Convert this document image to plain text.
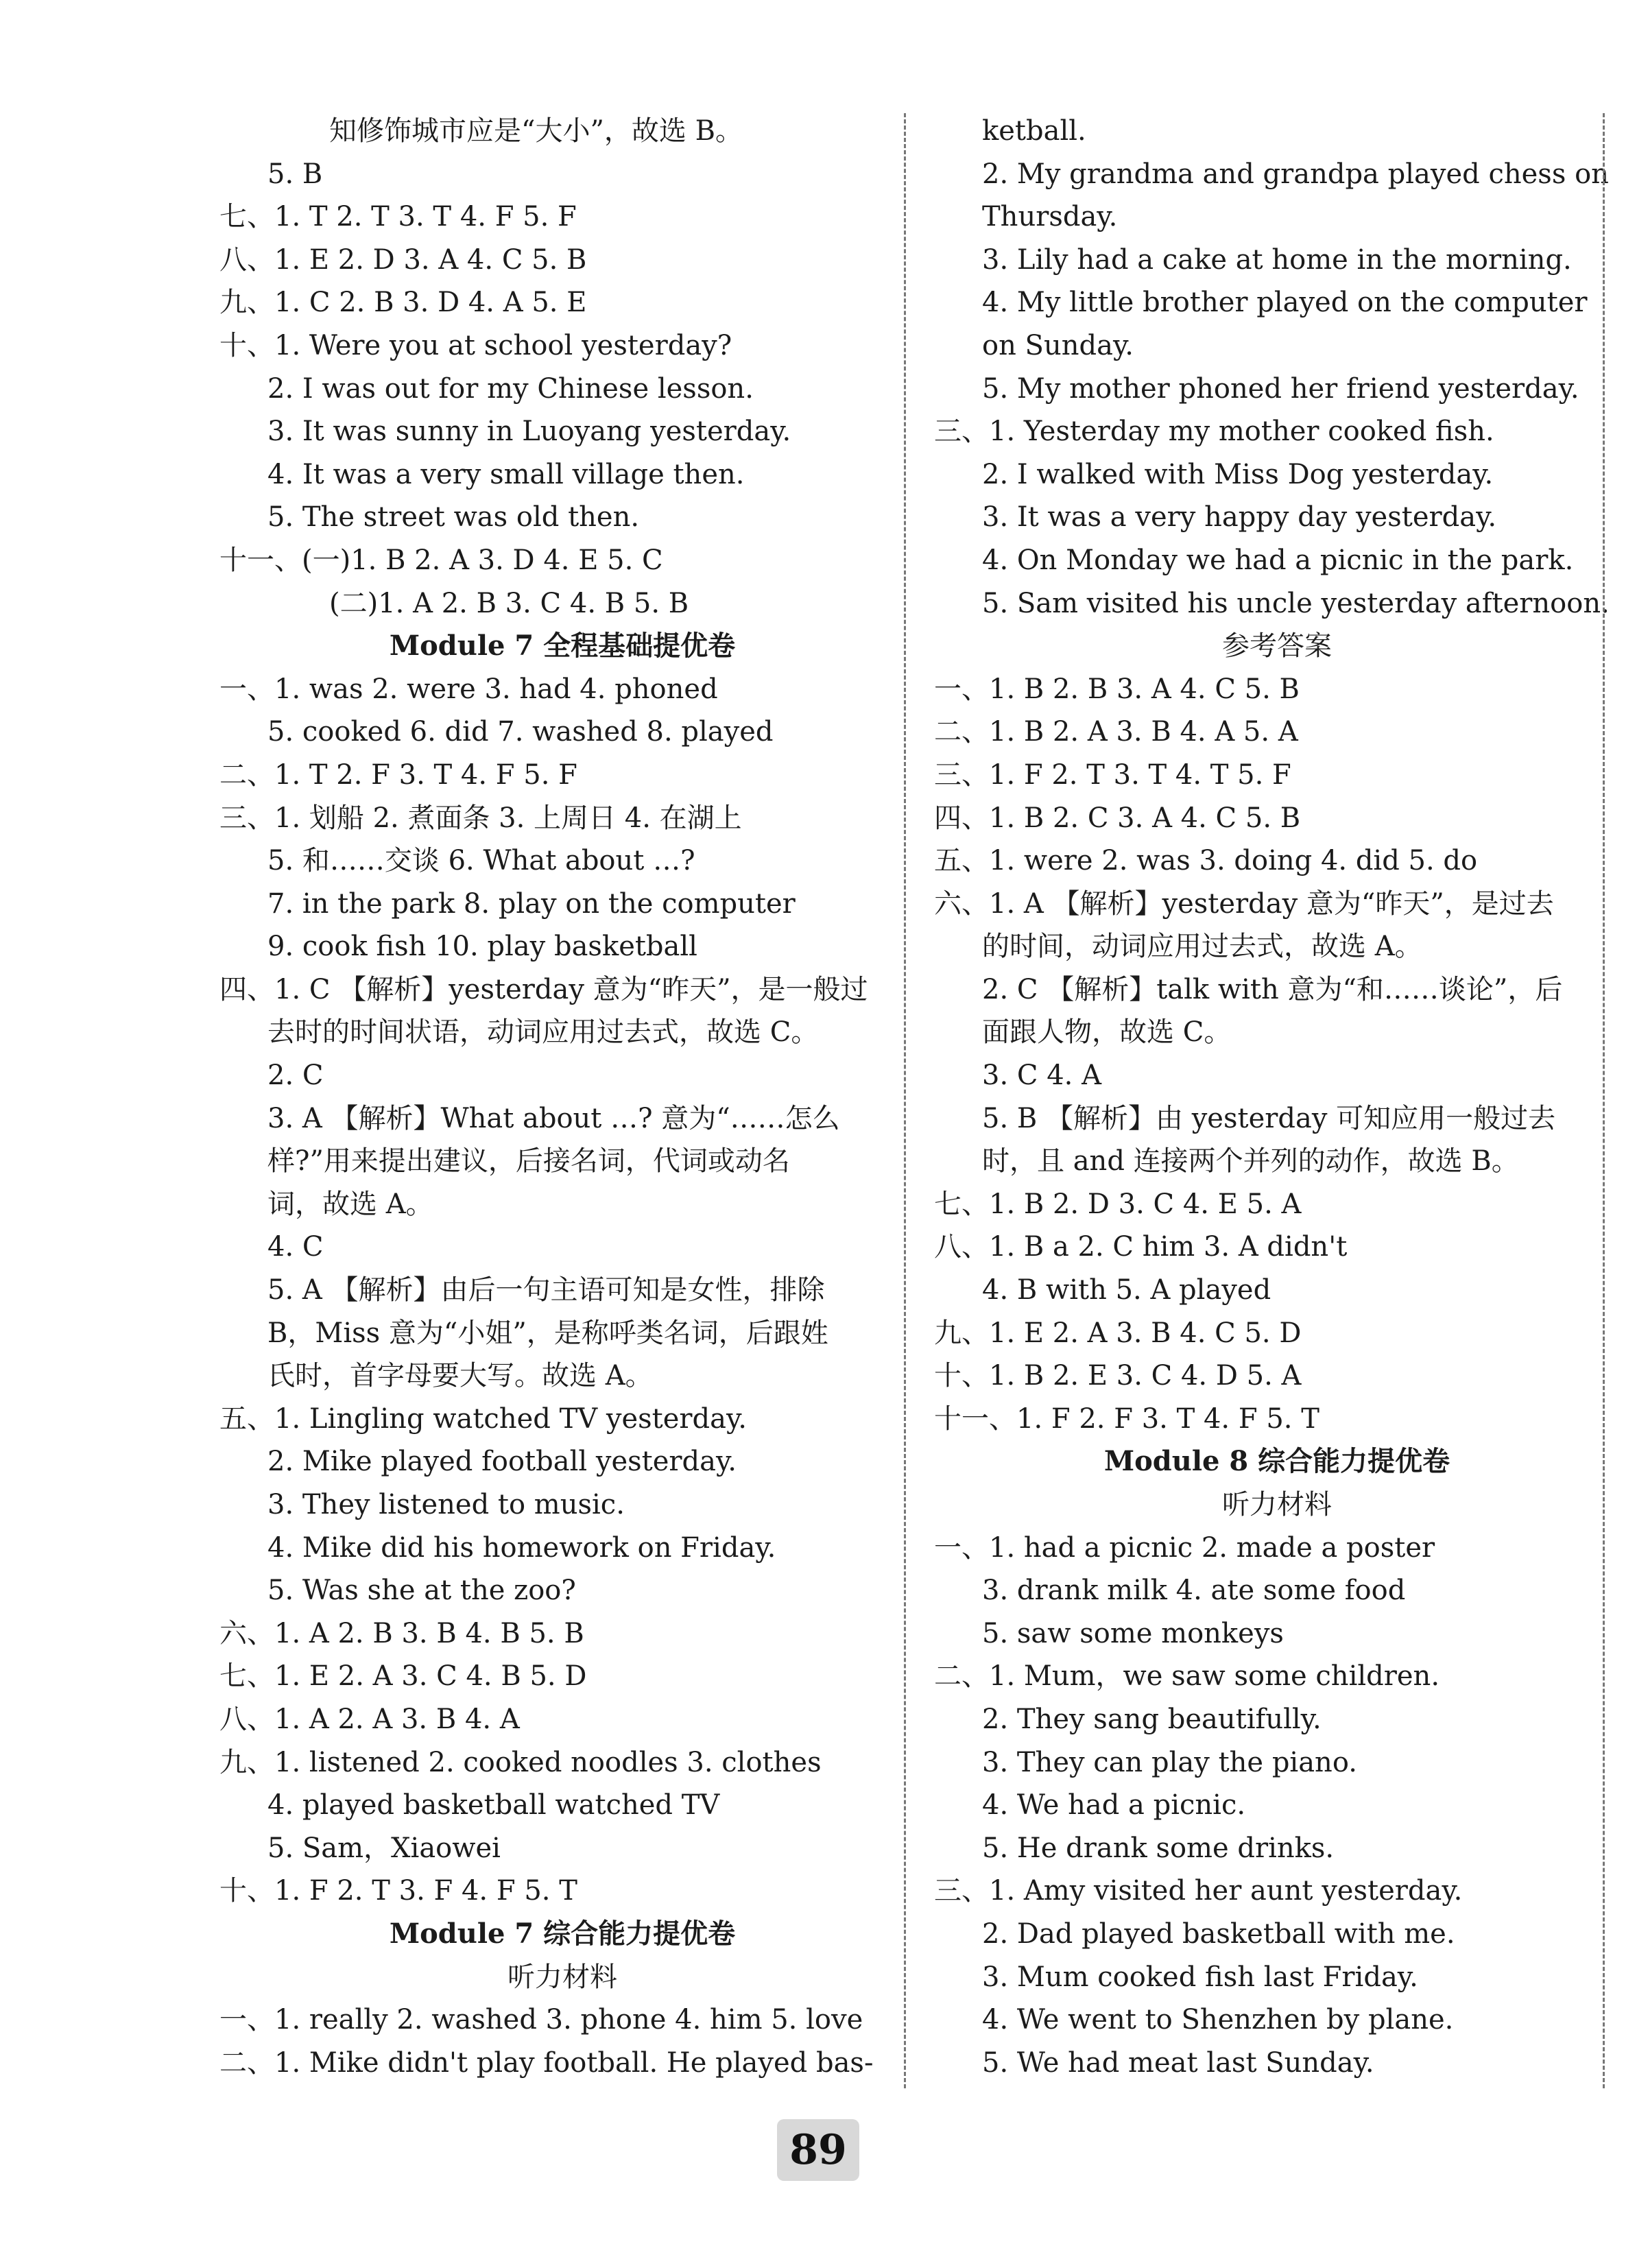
知修饰城市应是“大小”，故选 B。
5. B
七、1. T 2. T 3. T 4. F 5. F
八、1. E 2. D 3. A 4. C 5. B
九、1. C 2. B 3. D 4. A 5. E
十、1. Were you at school yesterday?
2. I was out for my Chinese lesson.
3. It was sunny in Luoyang yesterday.
4. It was a very small village then.
5. The street was old then.
十一、(一)1. B 2. A 3. D 4. E 5. C
(二)1. A 2. B 3. C 4. B 5. B
Module 7 全程基础提优卷
一、1. was 2. were 3. had 4. phoned
5. cooked 6. did 7. washed 8. played
二、1. T 2. F 3. T 4. F 5. F
三、1. 划船 2. 煮面条 3. 上周日 4. 在湖上
5. 和……交谈 6. What about …?
7. in the park 8. play on the computer
9. cook fish 10. play basketball
四、1. C 【解析】yesterday 意为“昨天”，是一般过
去时的时间状语，动词应用过去式，故选 C。
2. C
3. A 【解析】What about …? 意为“……怎么
样?”用来提出建议，后接名词，代词或动名
词，故选 A。
4. C
5. A 【解析】由后一句主语可知是女性，排除
B，Miss 意为“小姐”，是称呼类名词，后跟姓
氏时，首字母要大写。故选 A。
五、1. Lingling watched TV yesterday.
2. Mike played football yesterday.
3. They listened to music.
4. Mike did his homework on Friday.
5. Was she at the zoo?
六、1. A 2. B 3. B 4. B 5. B
七、1. E 2. A 3. C 4. B 5. D
八、1. A 2. A 3. B 4. A
九、1. listened 2. cooked noodles 3. clothes
4. played basketball watched TV
5. Sam，Xiaowei
十、1. F 2. T 3. F 4. F 5. T
Module 7 综合能力提优卷
听力材料
一、1. really 2. washed 3. phone 4. him 5. love
二、1. Mike didn't play football. He played bas-
ketball.
2. My grandma and grandpa played chess on
Thursday.
3. Lily had a cake at home in the morning.
4. My little brother played on the computer
on Sunday.
5. My mother phoned her friend yesterday.
三、1. Yesterday my mother cooked fish.
2. I walked with Miss Dog yesterday.
3. It was a very happy day yesterday.
4. On Monday we had a picnic in the park.
5. Sam visited his uncle yesterday afternoon.
参考答案
一、1. B 2. B 3. A 4. C 5. B
二、1. B 2. A 3. B 4. A 5. A
三、1. F 2. T 3. T 4. T 5. F
四、1. B 2. C 3. A 4. C 5. B
五、1. were 2. was 3. doing 4. did 5. do
六、1. A 【解析】yesterday 意为“昨天”，是过去
的时间，动词应用过去式，故选 A。
2. C 【解析】talk with 意为“和……谈论”，后
面跟人物，故选 C。
3. C 4. A
5. B 【解析】由 yesterday 可知应用一般过去
时，且 and 连接两个并列的动作，故选 B。
七、1. B 2. D 3. C 4. E 5. A
八、1. B a 2. C him 3. A didn't
4. B with 5. A played
九、1. E 2. A 3. B 4. C 5. D
十、1. B 2. E 3. C 4. D 5. A
十一、1. F 2. F 3. T 4. F 5. T
Module 8 综合能力提优卷
听力材料
一、1. had a picnic 2. made a poster
3. drank milk 4. ate some food
5. saw some monkeys
二、1. Mum，we saw some children.
2. They sang beautifully.
3. They can play the piano.
4. We had a picnic.
5. He drank some drinks.
三、1. Amy visited her aunt yesterday.
2. Dad played basketball with me.
3. Mum cooked fish last Friday.
4. We went to Shenzhen by plane.
5. We had meat last Sunday.
89
